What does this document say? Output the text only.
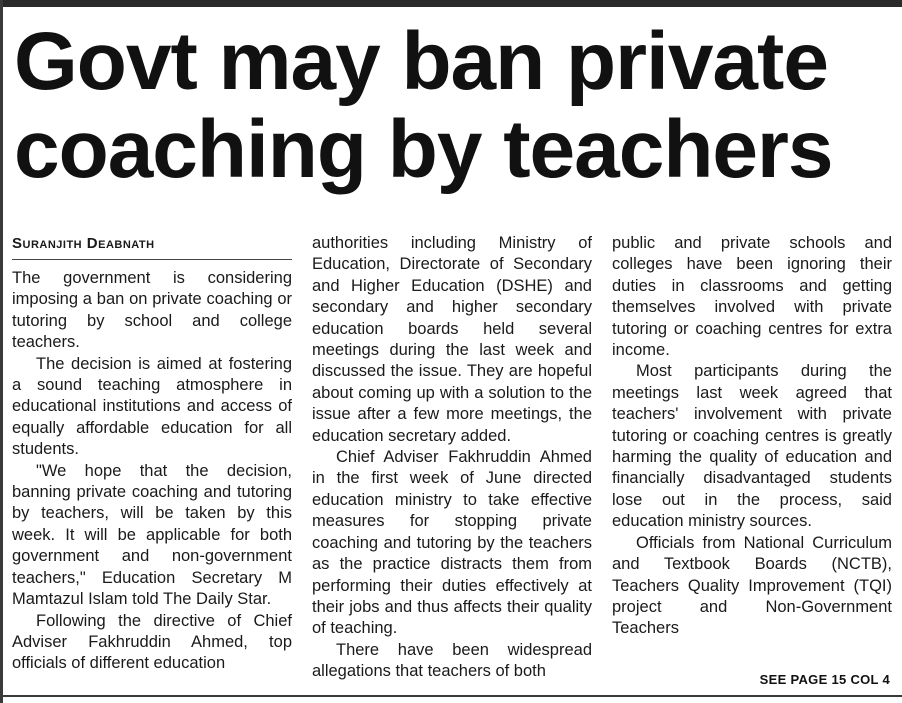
Govt may ban private coaching by teachers
Suranjith Deabnath

The government is considering imposing a ban on private coaching or tutoring by school and college teachers.

The decision is aimed at fostering a sound teaching atmosphere in educational institutions and access of equally affordable education for all students.

"We hope that the decision, banning private coaching and tutoring by teachers, will be taken by this week. It will be applicable for both government and non-government teachers," Education Secretary M Mamtazul Islam told The Daily Star.

Following the directive of Chief Adviser Fakhruddin Ahmed, top officials of different education

authorities including Ministry of Education, Directorate of Secondary and Higher Education (DSHE) and secondary and higher secondary education boards held several meetings during the last week and discussed the issue. They are hopeful about coming up with a solution to the issue after a few more meetings, the education secretary added.

Chief Adviser Fakhruddin Ahmed in the first week of June directed education ministry to take effective measures for stopping private coaching and tutoring by the teachers as the practice distracts them from performing their duties effectively at their jobs and thus affects their quality of teaching.

There have been widespread allegations that teachers of both

public and private schools and colleges have been ignoring their duties in classrooms and getting themselves involved with private tutoring or coaching centres for extra income.

Most participants during the meetings last week agreed that teachers' involvement with private tutoring or coaching centres is greatly harming the quality of education and financially disadvantaged students lose out in the process, said education ministry sources.

Officials from National Curriculum and Textbook Boards (NCTB), Teachers Quality Improvement (TQI) project and Non-Government Teachers

SEE PAGE 15 COL 4
